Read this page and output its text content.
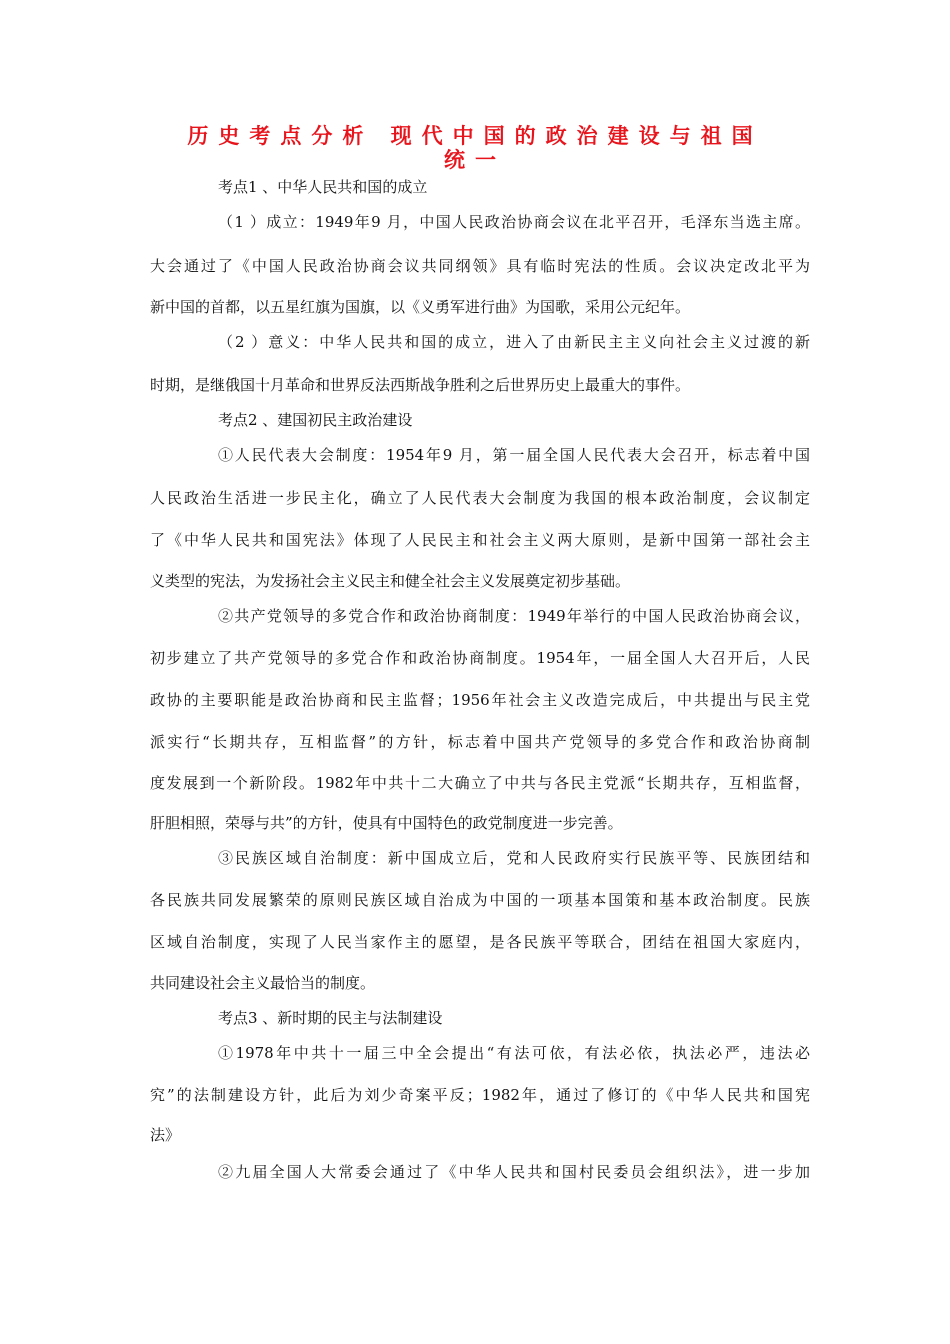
历史考点分析 现代中国的政治建设与祖国
统一
考点1 、中华人民共和国的成立
（1 ）成立：1949年9 月，中国人民政治协商会议在北平召开，毛泽东当选主席。
大会通过了《中国人民政治协商会议共同纲领》具有临时宪法的性质。会议决定改北平为
新中国的首都，以五星红旗为国旗，以《义勇军进行曲》为国歌，采用公元纪年。
（2 ）意义：中华人民共和国的成立，进入了由新民主主义向社会主义过渡的新
时期，是继俄国十月革命和世界反法西斯战争胜利之后世界历史上最重大的事件。
考点2 、建国初民主政治建设
①人民代表大会制度：1954年9 月，第一届全国人民代表大会召开，标志着中国
人民政治生活进一步民主化，确立了人民代表大会制度为我国的根本政治制度，会议制定
了《中华人民共和国宪法》体现了人民民主和社会主义两大原则，是新中国第一部社会主
义类型的宪法，为发扬社会主义民主和健全社会主义发展奠定初步基础。
②共产党领导的多党合作和政治协商制度：1949年举行的中国人民政治协商会议，
初步建立了共产党领导的多党合作和政治协商制度。1954年，一届全国人大召开后，人民
政协的主要职能是政治协商和民主监督；1956年社会主义改造完成后，中共提出与民主党
派实行“长期共存，互相监督”的方针，标志着中国共产党领导的多党合作和政治协商制
度发展到一个新阶段。1982年中共十二大确立了中共与各民主党派“长期共存，互相监督，
肝胆相照，荣辱与共”的方针，使具有中国特色的政党制度进一步完善。
③民族区域自治制度：新中国成立后，党和人民政府实行民族平等、民族团结和
各民族共同发展繁荣的原则民族区域自治成为中国的一项基本国策和基本政治制度。民族
区域自治制度，实现了人民当家作主的愿望，是各民族平等联合，团结在祖国大家庭内，
共同建设社会主义最恰当的制度。
考点3 、新时期的民主与法制建设
①1978年中共十一届三中全会提出“有法可依，有法必依，执法必严，违法必
究”的法制建设方针，此后为刘少奇案平反；1982年，通过了修订的《中华人民共和国宪
法》
②九届全国人大常委会通过了《中华人民共和国村民委员会组织法》，进一步加
